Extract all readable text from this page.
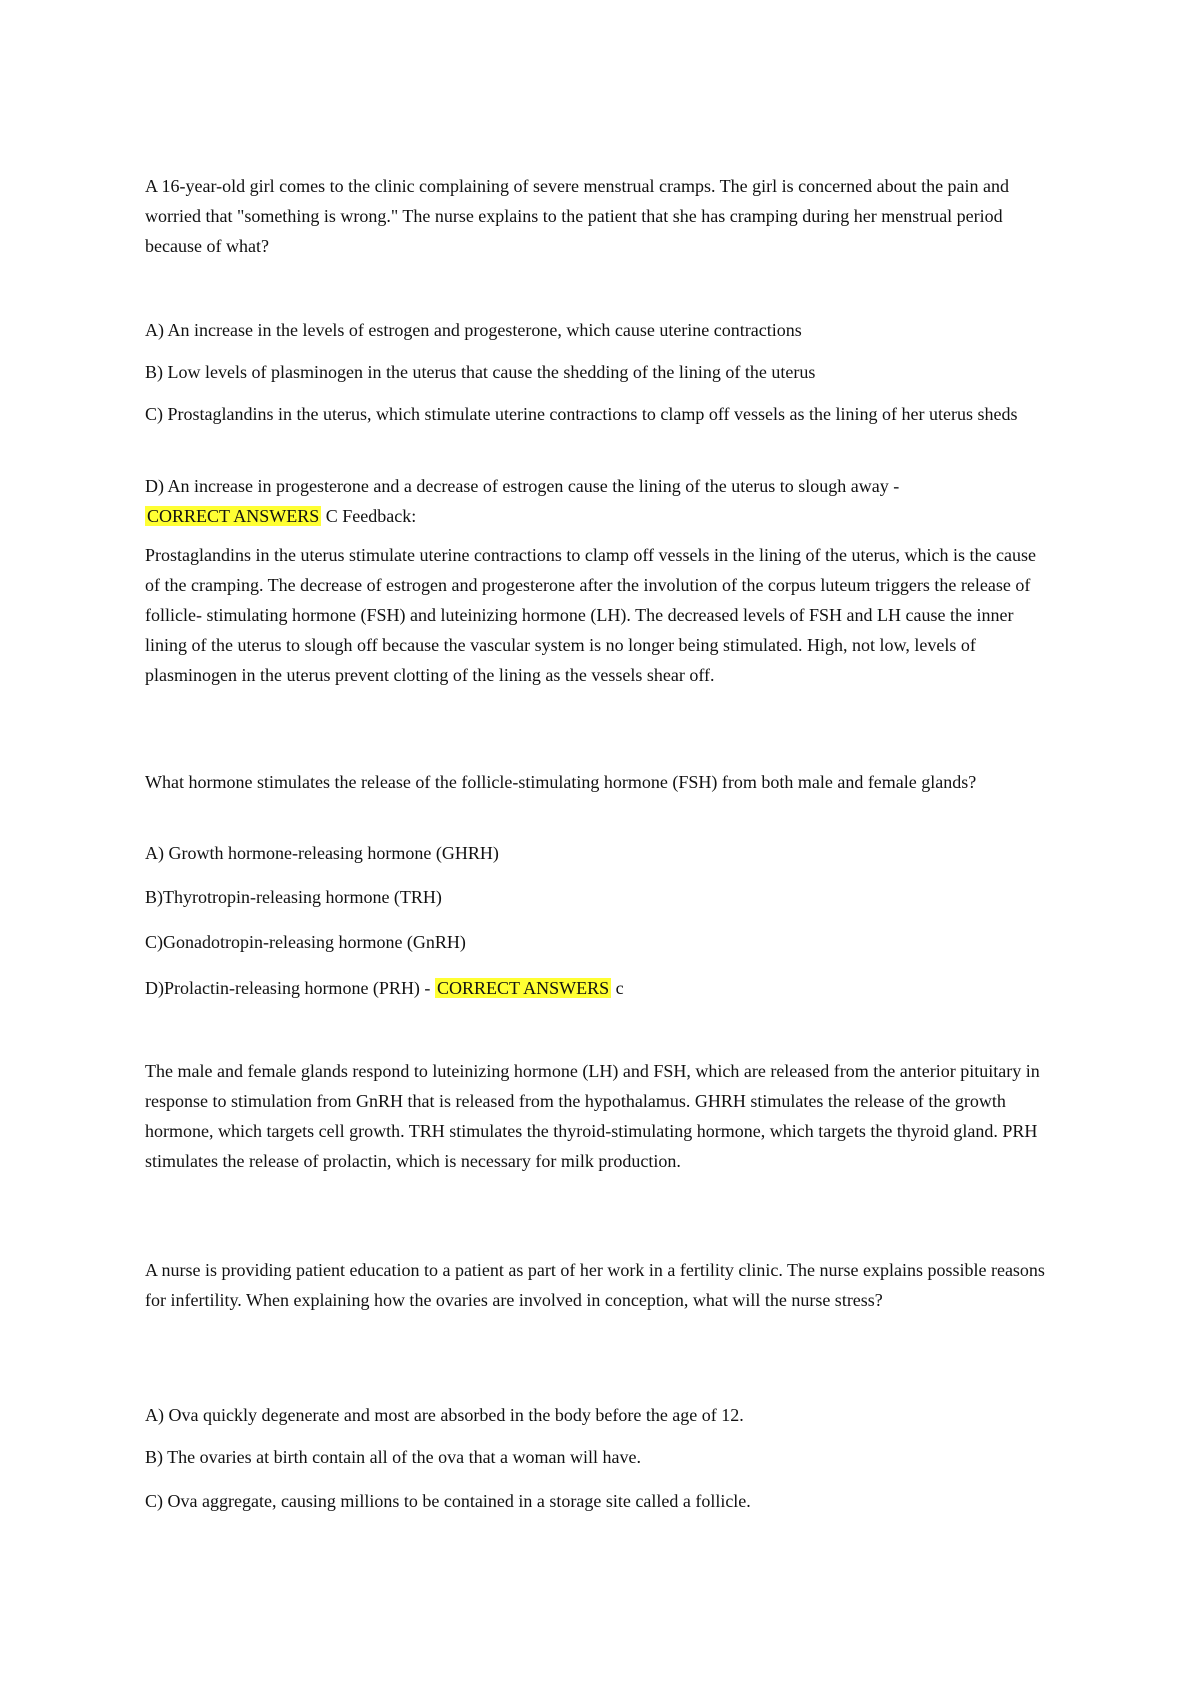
A 16-year-old girl comes to the clinic complaining of severe menstrual cramps. The girl is concerned about the pain and worried that "something is wrong." The nurse explains to the patient that she has cramping during her menstrual period because of what?

A) An increase in the levels of estrogen and progesterone, which cause uterine contractions

B) Low levels of plasminogen in the uterus that cause the shedding of the lining of the uterus

C) Prostaglandins in the uterus, which stimulate uterine contractions to clamp off vessels as the lining of her uterus sheds

D) An increase in progesterone and a decrease of estrogen cause the lining of the uterus to slough away -
CORRECT ANSWERS C Feedback:

Prostaglandins in the uterus stimulate uterine contractions to clamp off vessels in the lining of the uterus, which is the cause of the cramping. The decrease of estrogen and progesterone after the involution of the corpus luteum triggers the release of follicle- stimulating hormone (FSH) and luteinizing hormone (LH). The decreased levels of FSH and LH cause the inner lining of the uterus to slough off because the vascular system is no longer being stimulated. High, not low, levels of plasminogen in the uterus prevent clotting of the lining as the vessels shear off.

What hormone stimulates the release of the follicle-stimulating hormone (FSH) from both male and female glands?

A) Growth hormone-releasing hormone (GHRH)

B)Thyrotropin-releasing hormone (TRH)

C)Gonadotropin-releasing hormone (GnRH)

D)Prolactin-releasing hormone (PRH) - CORRECT ANSWERS c

The male and female glands respond to luteinizing hormone (LH) and FSH, which are released from the anterior pituitary in response to stimulation from GnRH that is released from the hypothalamus. GHRH stimulates the release of the growth hormone, which targets cell growth. TRH stimulates the thyroid-stimulating hormone, which targets the thyroid gland. PRH stimulates the release of prolactin, which is necessary for milk production.

A nurse is providing patient education to a patient as part of her work in a fertility clinic. The nurse explains possible reasons for infertility. When explaining how the ovaries are involved in conception, what will the nurse stress?

A) Ova quickly degenerate and most are absorbed in the body before the age of 12.

B) The ovaries at birth contain all of the ova that a woman will have.

C) Ova aggregate, causing millions to be contained in a storage site called a follicle.
